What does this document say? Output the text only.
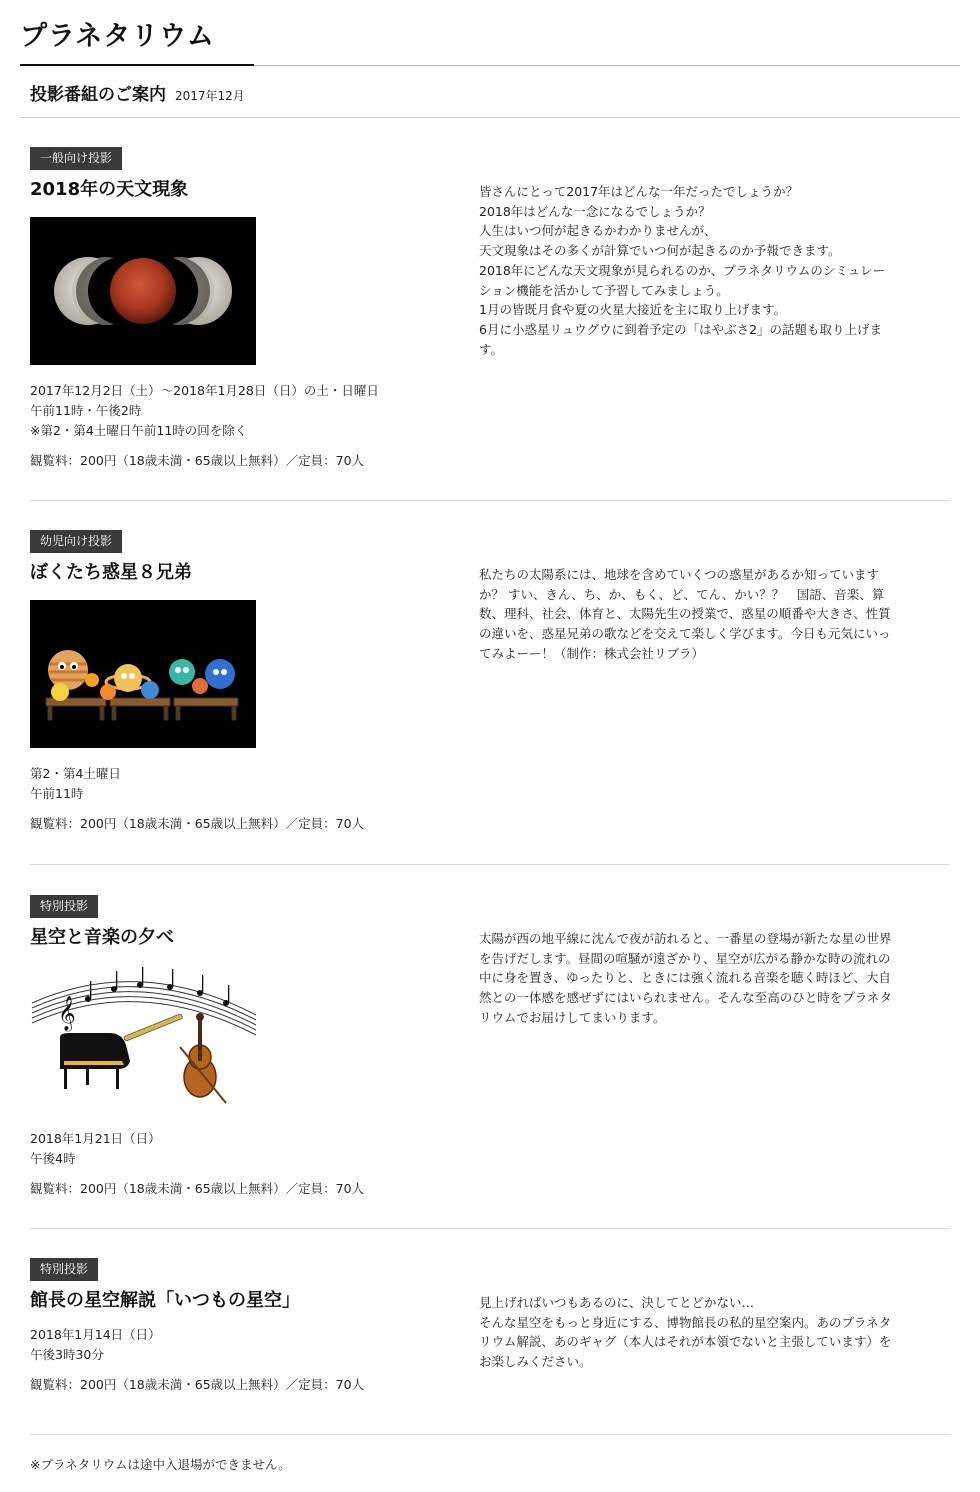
プラネタリウム
投影番組のご案内 2017年12月
一般向け投影
2018年の天文現象
2017年12月2日（土）～2018年1月28日（日）の土・日曜日
午前11時・午後2時
※第2・第4土曜日午前11時の回を除く
観覧料：200円（18歳未満・65歳以上無料）／定員：70人
皆さんにとって2017年はどんな一年だったでしょうか？
2018年はどんな一念になるでしょうか？
人生はいつ何が起きるかわかりませんが、
天文現象はその多くが計算でいつ何が起きるのか予報できます。
2018年にどんな天文現象が見られるのか、プラネタリウムのシミュレー
ション機能を活かして予習してみましょう。
1月の皆既月食や夏の火星大接近を主に取り上げます。
6月に小惑星リュウグウに到着予定の「はやぶさ2」の話題も取り上げま
す。
幼児向け投影
ぼくたち惑星８兄弟
第2・第4土曜日
午前11時
観覧料：200円（18歳未満・65歳以上無料）／定員：70人
私たちの太陽系には、地球を含めていくつの惑星があるか知っています
か？ すい、きん、ち、か、もく、ど、てん、かい？？　国語、音楽、算
数、理科、社会、体育と、太陽先生の授業で、惑星の順番や大きさ、性質
の違いを、惑星兄弟の歌などを交えて楽しく学びます。今日も元気にいっ
てみよーー！（制作：株式会社リブラ）
特別投影
星空と音楽の夕べ
𝄞
2018年1月21日（日）
午後4時
観覧料：200円（18歳未満・65歳以上無料）／定員：70人
太陽が西の地平線に沈んで夜が訪れると、一番星の登場が新たな星の世界
を告げだします。昼間の喧騒が遠ざかり、星空が広がる静かな時の流れの
中に身を置き、ゆったりと、ときには強く流れる音楽を聴く時ほど、大自
然との一体感を感ぜずにはいられません。そんな至高のひと時をプラネタ
リウムでお届けしてまいります。
特別投影
館長の星空解説「いつもの星空」
2018年1月14日（日）
午後3時30分
観覧料：200円（18歳未満・65歳以上無料）／定員：70人
見上げればいつもあるのに、決してとどかない…
そんな星空をもっと身近にする、博物館長の私的星空案内。あのプラネタ
リウム解説、あのギャグ（本人はそれが本領でないと主張しています）を
お楽しみください。
※プラネタリウムは途中入退場ができません。
